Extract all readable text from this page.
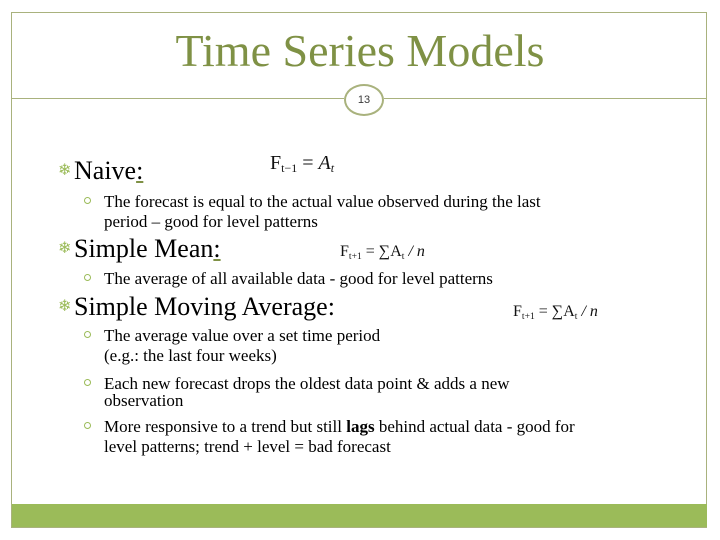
Time Series Models
13
❄Naive:	$F_{t-1} = A_t$
The forecast is equal to the actual value observed during the last
period – good for level patterns
❄Simple Mean:	$F_{t+1} = \sum A_t / n$
The average of all available data - good for level patterns
❄Simple Moving Average:	$F_{t+1} = \sum A_t / n$
The average value over a set time period
(e.g.: the last four weeks)
Each new forecast drops the oldest data point & adds a new
observation
More responsive to a trend but still lags behind actual data - good for
level patterns; trend + level = bad forecast
